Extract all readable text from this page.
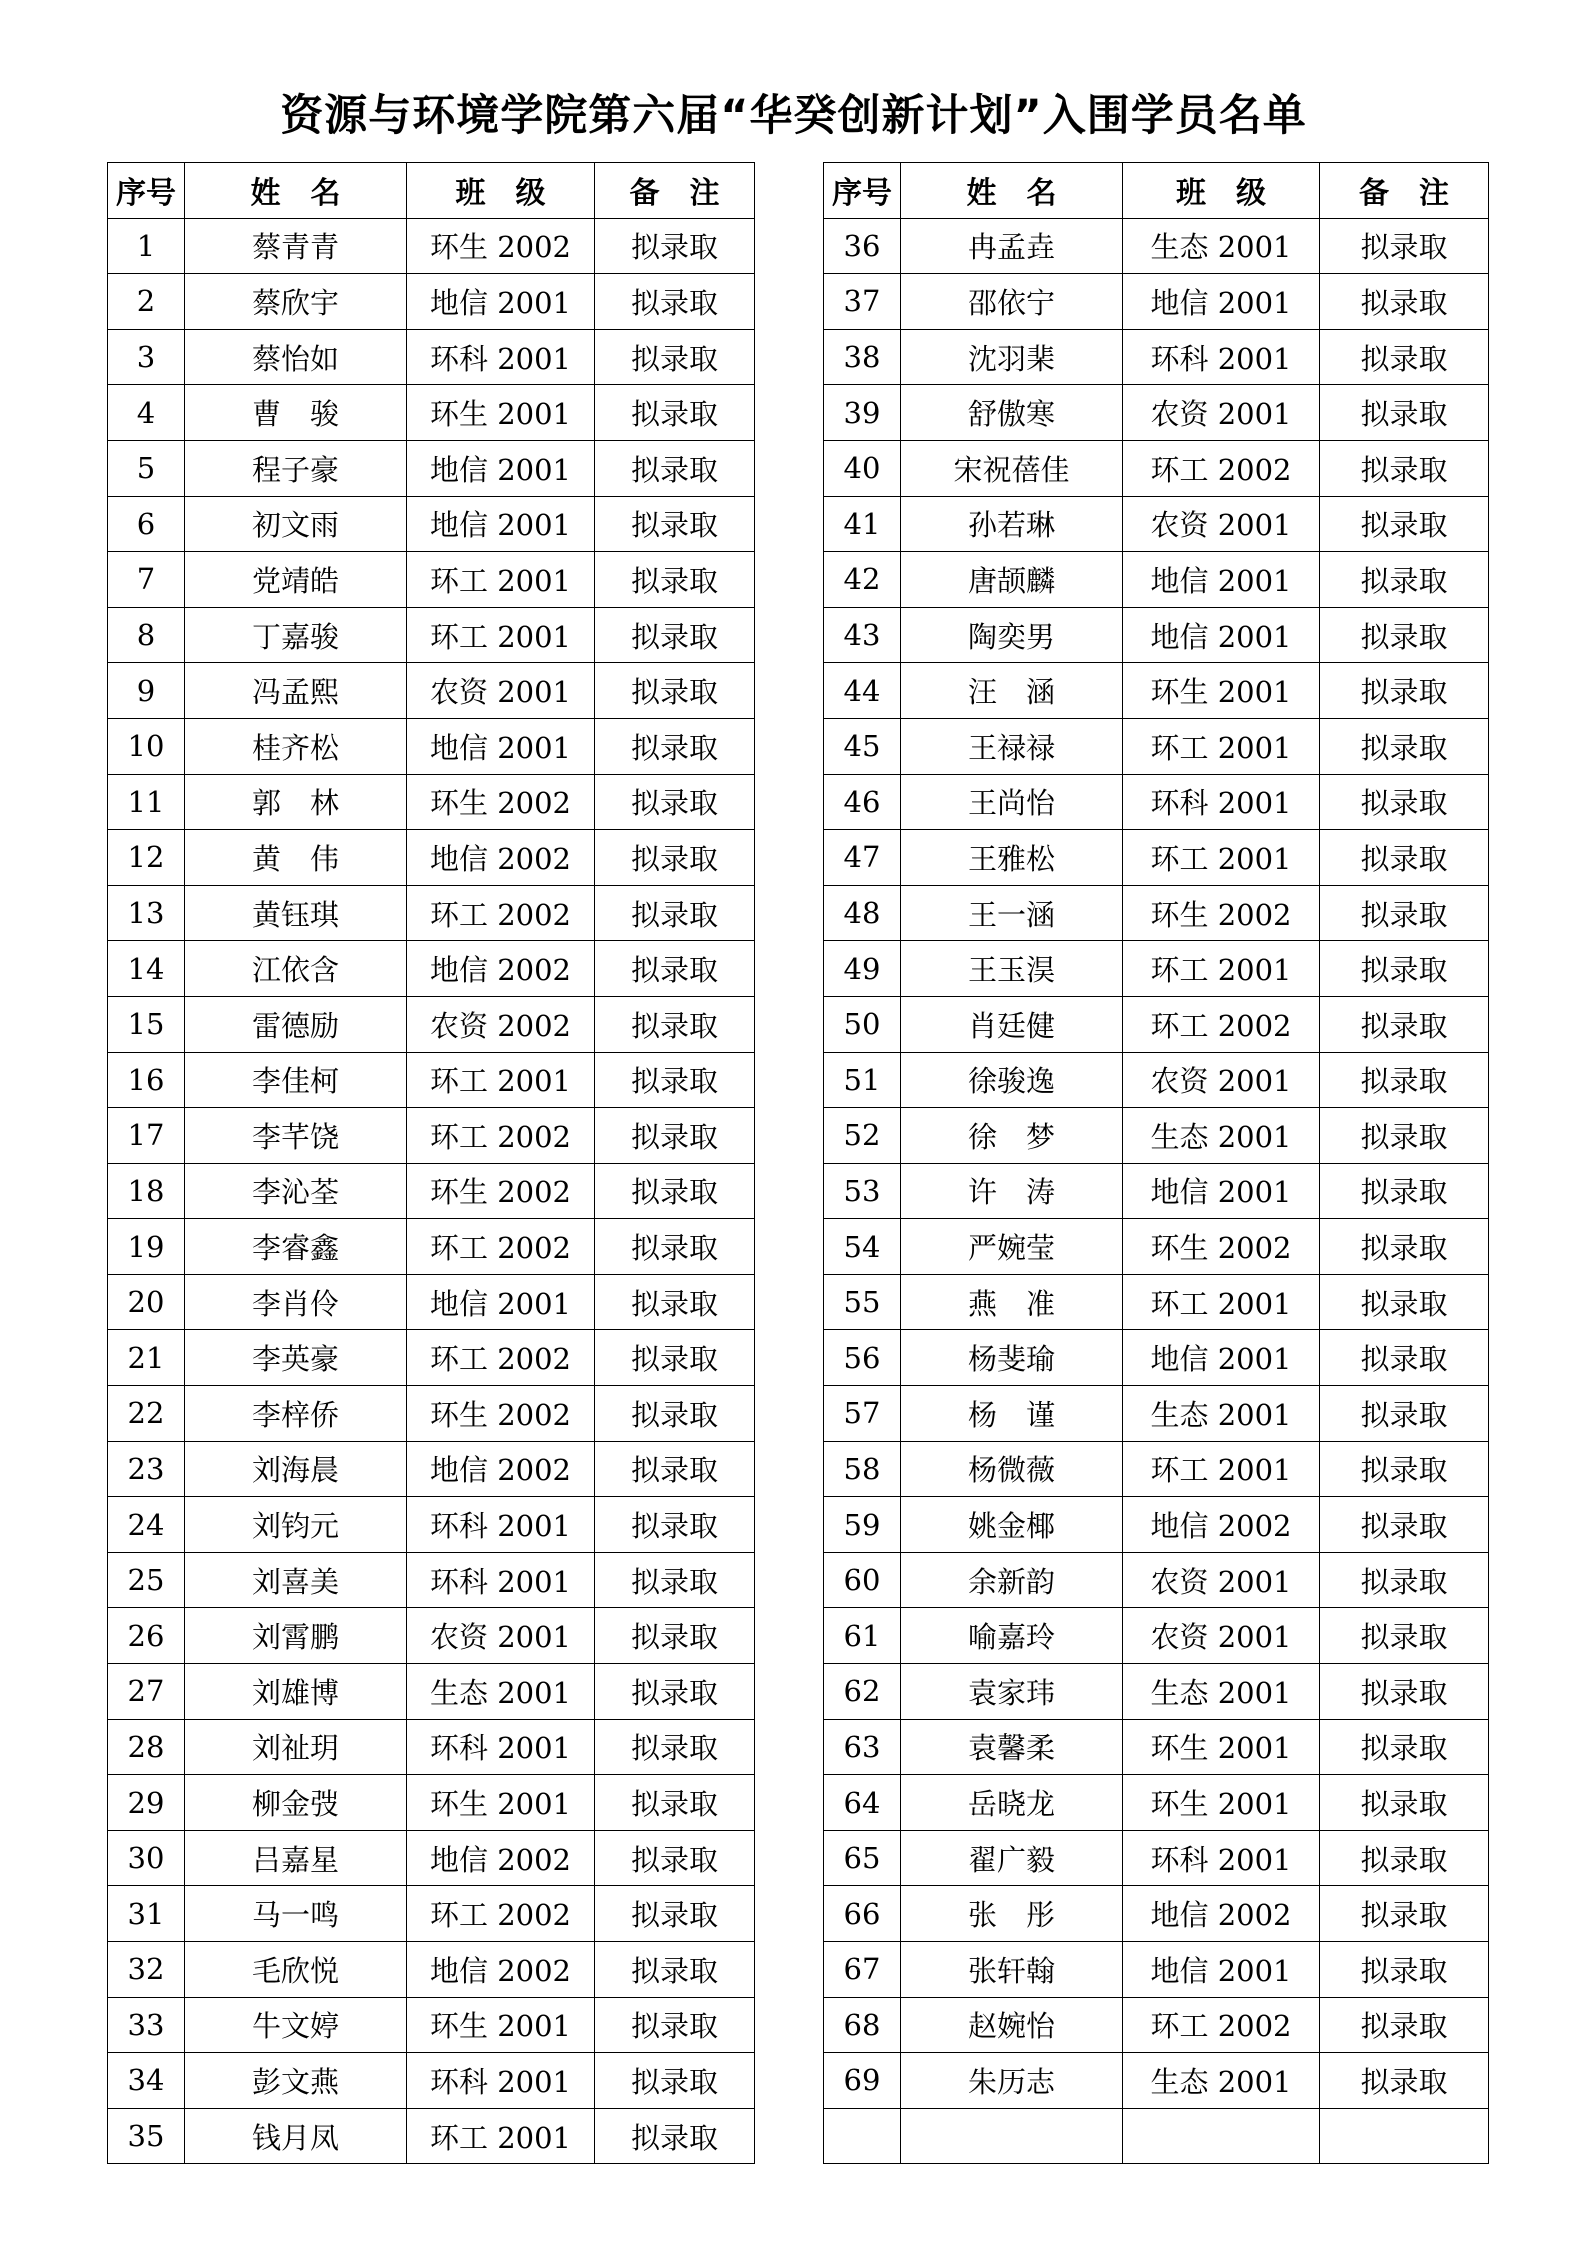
资源与环境学院第六届“华癸创新计划”入围学员名单
序号	姓　名	班　级	备　注
1	蔡青青	环生 2002	拟录取
2	蔡欣宇	地信 2001	拟录取
3	蔡怡如	环科 2001	拟录取
4	曹　骏	环生 2001	拟录取
5	程子豪	地信 2001	拟录取
6	初文雨	地信 2001	拟录取
7	党靖皓	环工 2001	拟录取
8	丁嘉骏	环工 2001	拟录取
9	冯孟熙	农资 2001	拟录取
10	桂齐松	地信 2001	拟录取
11	郭　林	环生 2002	拟录取
12	黄　伟	地信 2002	拟录取
13	黄钰琪	环工 2002	拟录取
14	江依含	地信 2002	拟录取
15	雷德励	农资 2002	拟录取
16	李佳柯	环工 2001	拟录取
17	李芊饶	环工 2002	拟录取
18	李沁荃	环生 2002	拟录取
19	李睿鑫	环工 2002	拟录取
20	李肖伶	地信 2001	拟录取
21	李英豪	环工 2002	拟录取
22	李梓侨	环生 2002	拟录取
23	刘海晨	地信 2002	拟录取
24	刘钧元	环科 2001	拟录取
25	刘喜美	环科 2001	拟录取
26	刘霄鹏	农资 2001	拟录取
27	刘雄博	生态 2001	拟录取
28	刘祉玥	环科 2001	拟录取
29	柳金弢	环生 2001	拟录取
30	吕嘉星	地信 2002	拟录取
31	马一鸣	环工 2002	拟录取
32	毛欣悦	地信 2002	拟录取
33	牛文婷	环生 2001	拟录取
34	彭文燕	环科 2001	拟录取
35	钱月凤	环工 2001	拟录取
序号	姓　名	班　级	备　注
36	冉孟垚	生态 2001	拟录取
37	邵依宁	地信 2001	拟录取
38	沈羽棐	环科 2001	拟录取
39	舒傲寒	农资 2001	拟录取
40	宋祝蓓佳	环工 2002	拟录取
41	孙若琳	农资 2001	拟录取
42	唐颉麟	地信 2001	拟录取
43	陶奕男	地信 2001	拟录取
44	汪　涵	环生 2001	拟录取
45	王禄禄	环工 2001	拟录取
46	王尚怡	环科 2001	拟录取
47	王雅松	环工 2001	拟录取
48	王一涵	环生 2002	拟录取
49	王玉淏	环工 2001	拟录取
50	肖廷健	环工 2002	拟录取
51	徐骏逸	农资 2001	拟录取
52	徐　梦	生态 2001	拟录取
53	许　涛	地信 2001	拟录取
54	严婉莹	环生 2002	拟录取
55	燕　准	环工 2001	拟录取
56	杨斐瑜	地信 2001	拟录取
57	杨　谨	生态 2001	拟录取
58	杨微薇	环工 2001	拟录取
59	姚金椰	地信 2002	拟录取
60	余新韵	农资 2001	拟录取
61	喻嘉玲	农资 2001	拟录取
62	袁家玮	生态 2001	拟录取
63	袁馨柔	环生 2001	拟录取
64	岳晓龙	环生 2001	拟录取
65	翟广毅	环科 2001	拟录取
66	张　彤	地信 2002	拟录取
67	张轩翰	地信 2001	拟录取
68	赵婉怡	环工 2002	拟录取
69	朱历志	生态 2001	拟录取
